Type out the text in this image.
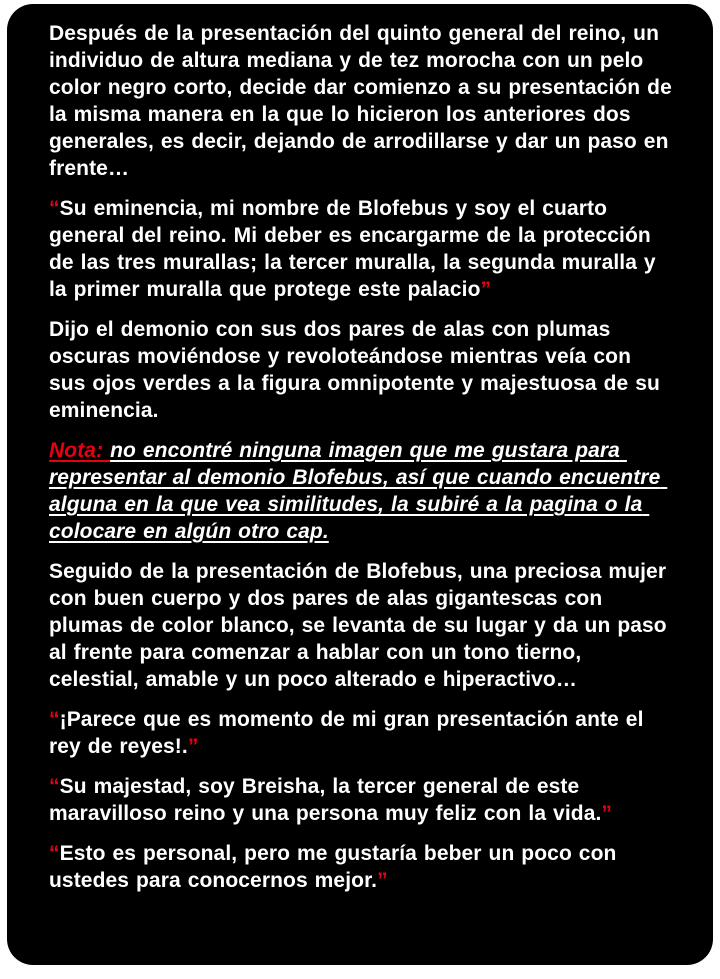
Después de la presentación del quinto general del reino, un individuo de altura mediana y de tez morocha con un pelo color negro corto, decide dar comienzo a su presentación de la misma manera en la que lo hicieron los anteriores dos generales, es decir, dejando de arrodillarse y dar un paso en frente…

“Su eminencia, mi nombre de Blofebus y soy el cuarto general del reino. Mi deber es encargarme de la protección de las tres murallas; la tercer muralla, la segunda muralla y la primer muralla que protege este palacio”

Dijo el demonio con sus dos pares de alas con plumas oscuras moviéndose y revoloteándose mientras veía con sus ojos verdes a la figura omnipotente y majestuosa de su eminencia.

Nota: no encontré ninguna imagen que me gustara para representar al demonio Blofebus, así que cuando encuentre alguna en la que vea similitudes, la subiré a la pagina o la colocare en algún otro cap.

Seguido de la presentación de Blofebus, una preciosa mujer con buen cuerpo y dos pares de alas gigantescas con plumas de color blanco, se levanta de su lugar y da un paso al frente para comenzar a hablar con un tono tierno, celestial, amable y un poco alterado e hiperactivo…

“¡Parece que es momento de mi gran presentación ante el rey de reyes!.”

“Su majestad, soy Breisha, la tercer general de este maravilloso reino y una persona muy feliz con la vida.”

“Esto es personal, pero me gustaría beber un poco con ustedes para conocernos mejor.”
